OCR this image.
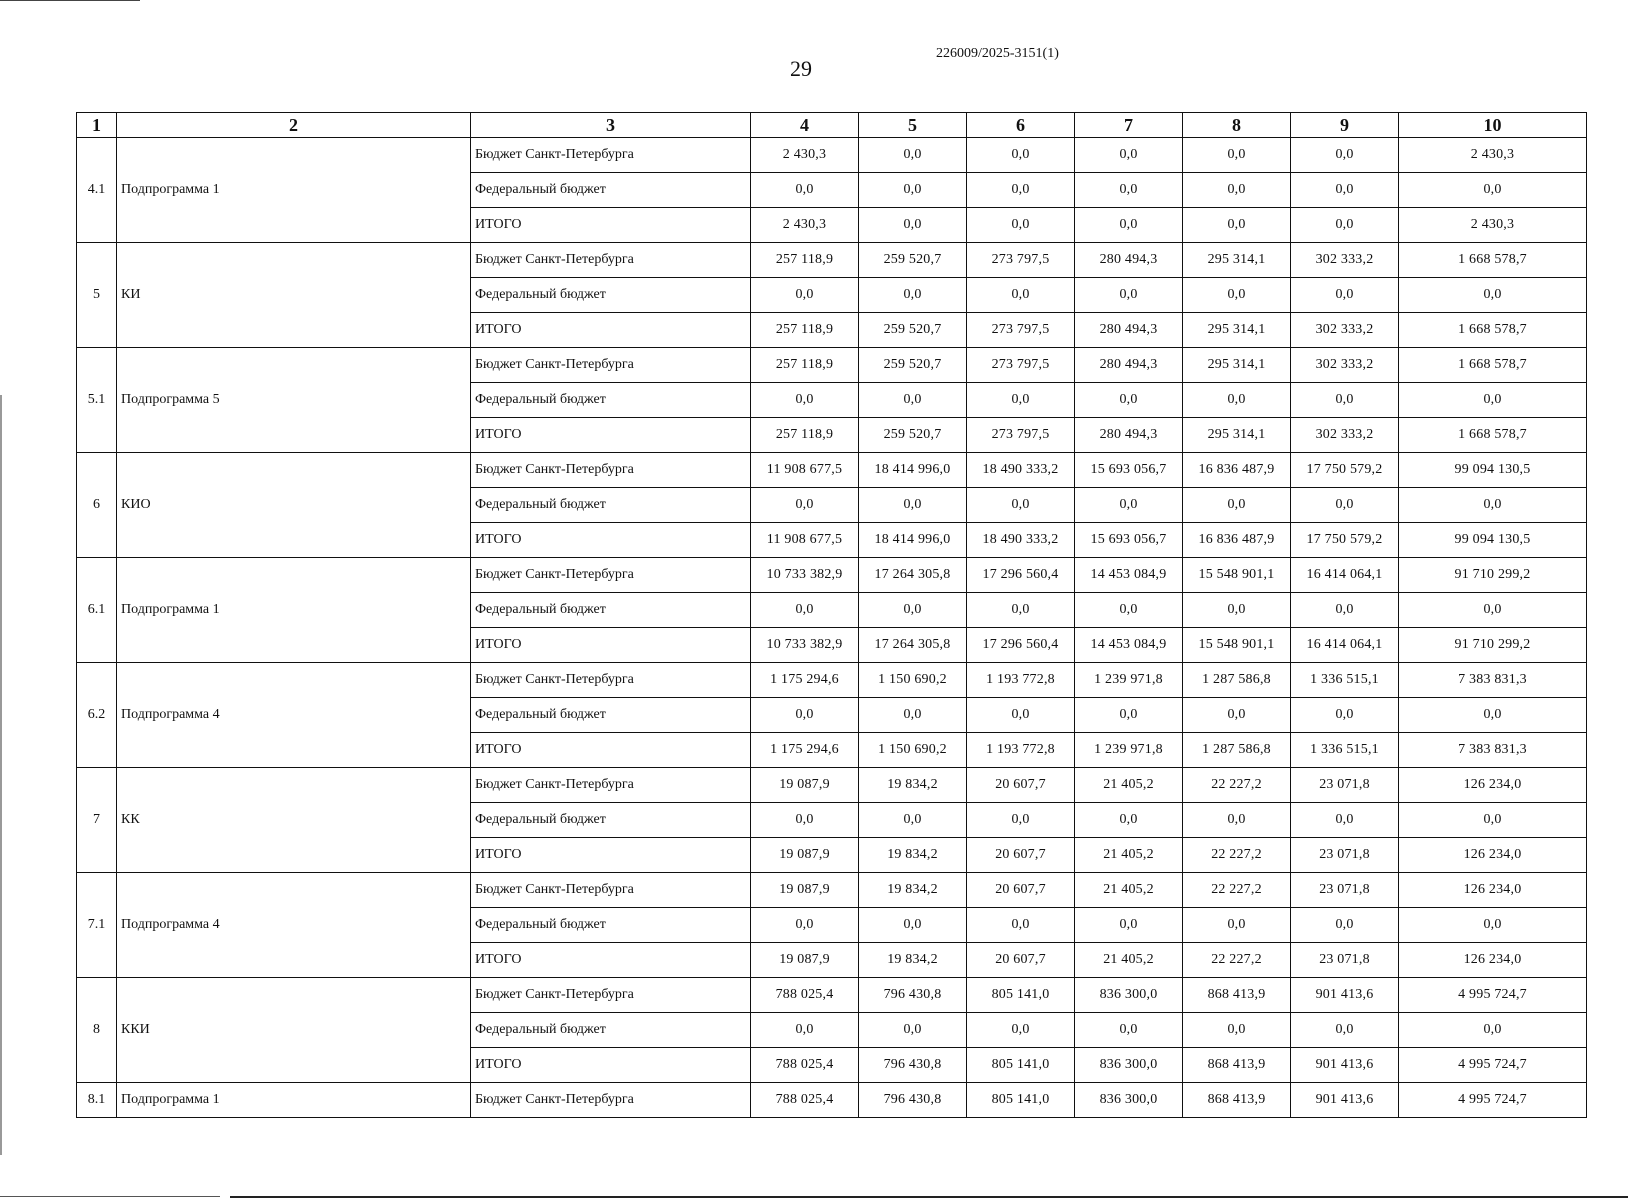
29
226009/2025-3151(1)
1	2	3	4	5	6	7	8	9	10
4.1	Подпрограмма 1	Бюджет Санкт-Петербурга	2 430,3	0,0	0,0	0,0	0,0	0,0	2 430,3
		Федеральный бюджет	0,0	0,0	0,0	0,0	0,0	0,0	0,0
		ИТОГО	2 430,3	0,0	0,0	0,0	0,0	0,0	2 430,3
5	КИ	Бюджет Санкт-Петербурга	257 118,9	259 520,7	273 797,5	280 494,3	295 314,1	302 333,2	1 668 578,7
		Федеральный бюджет	0,0	0,0	0,0	0,0	0,0	0,0	0,0
		ИТОГО	257 118,9	259 520,7	273 797,5	280 494,3	295 314,1	302 333,2	1 668 578,7
5.1	Подпрограмма 5	Бюджет Санкт-Петербурга	257 118,9	259 520,7	273 797,5	280 494,3	295 314,1	302 333,2	1 668 578,7
		Федеральный бюджет	0,0	0,0	0,0	0,0	0,0	0,0	0,0
		ИТОГО	257 118,9	259 520,7	273 797,5	280 494,3	295 314,1	302 333,2	1 668 578,7
6	КИО	Бюджет Санкт-Петербурга	11 908 677,5	18 414 996,0	18 490 333,2	15 693 056,7	16 836 487,9	17 750 579,2	99 094 130,5
		Федеральный бюджет	0,0	0,0	0,0	0,0	0,0	0,0	0,0
		ИТОГО	11 908 677,5	18 414 996,0	18 490 333,2	15 693 056,7	16 836 487,9	17 750 579,2	99 094 130,5
6.1	Подпрограмма 1	Бюджет Санкт-Петербурга	10 733 382,9	17 264 305,8	17 296 560,4	14 453 084,9	15 548 901,1	16 414 064,1	91 710 299,2
		Федеральный бюджет	0,0	0,0	0,0	0,0	0,0	0,0	0,0
		ИТОГО	10 733 382,9	17 264 305,8	17 296 560,4	14 453 084,9	15 548 901,1	16 414 064,1	91 710 299,2
6.2	Подпрограмма 4	Бюджет Санкт-Петербурга	1 175 294,6	1 150 690,2	1 193 772,8	1 239 971,8	1 287 586,8	1 336 515,1	7 383 831,3
		Федеральный бюджет	0,0	0,0	0,0	0,0	0,0	0,0	0,0
		ИТОГО	1 175 294,6	1 150 690,2	1 193 772,8	1 239 971,8	1 287 586,8	1 336 515,1	7 383 831,3
7	КК	Бюджет Санкт-Петербурга	19 087,9	19 834,2	20 607,7	21 405,2	22 227,2	23 071,8	126 234,0
		Федеральный бюджет	0,0	0,0	0,0	0,0	0,0	0,0	0,0
		ИТОГО	19 087,9	19 834,2	20 607,7	21 405,2	22 227,2	23 071,8	126 234,0
7.1	Подпрограмма 4	Бюджет Санкт-Петербурга	19 087,9	19 834,2	20 607,7	21 405,2	22 227,2	23 071,8	126 234,0
		Федеральный бюджет	0,0	0,0	0,0	0,0	0,0	0,0	0,0
		ИТОГО	19 087,9	19 834,2	20 607,7	21 405,2	22 227,2	23 071,8	126 234,0
8	ККИ	Бюджет Санкт-Петербурга	788 025,4	796 430,8	805 141,0	836 300,0	868 413,9	901 413,6	4 995 724,7
		Федеральный бюджет	0,0	0,0	0,0	0,0	0,0	0,0	0,0
		ИТОГО	788 025,4	796 430,8	805 141,0	836 300,0	868 413,9	901 413,6	4 995 724,7
8.1	Подпрограмма 1	Бюджет Санкт-Петербурга	788 025,4	796 430,8	805 141,0	836 300,0	868 413,9	901 413,6	4 995 724,7
